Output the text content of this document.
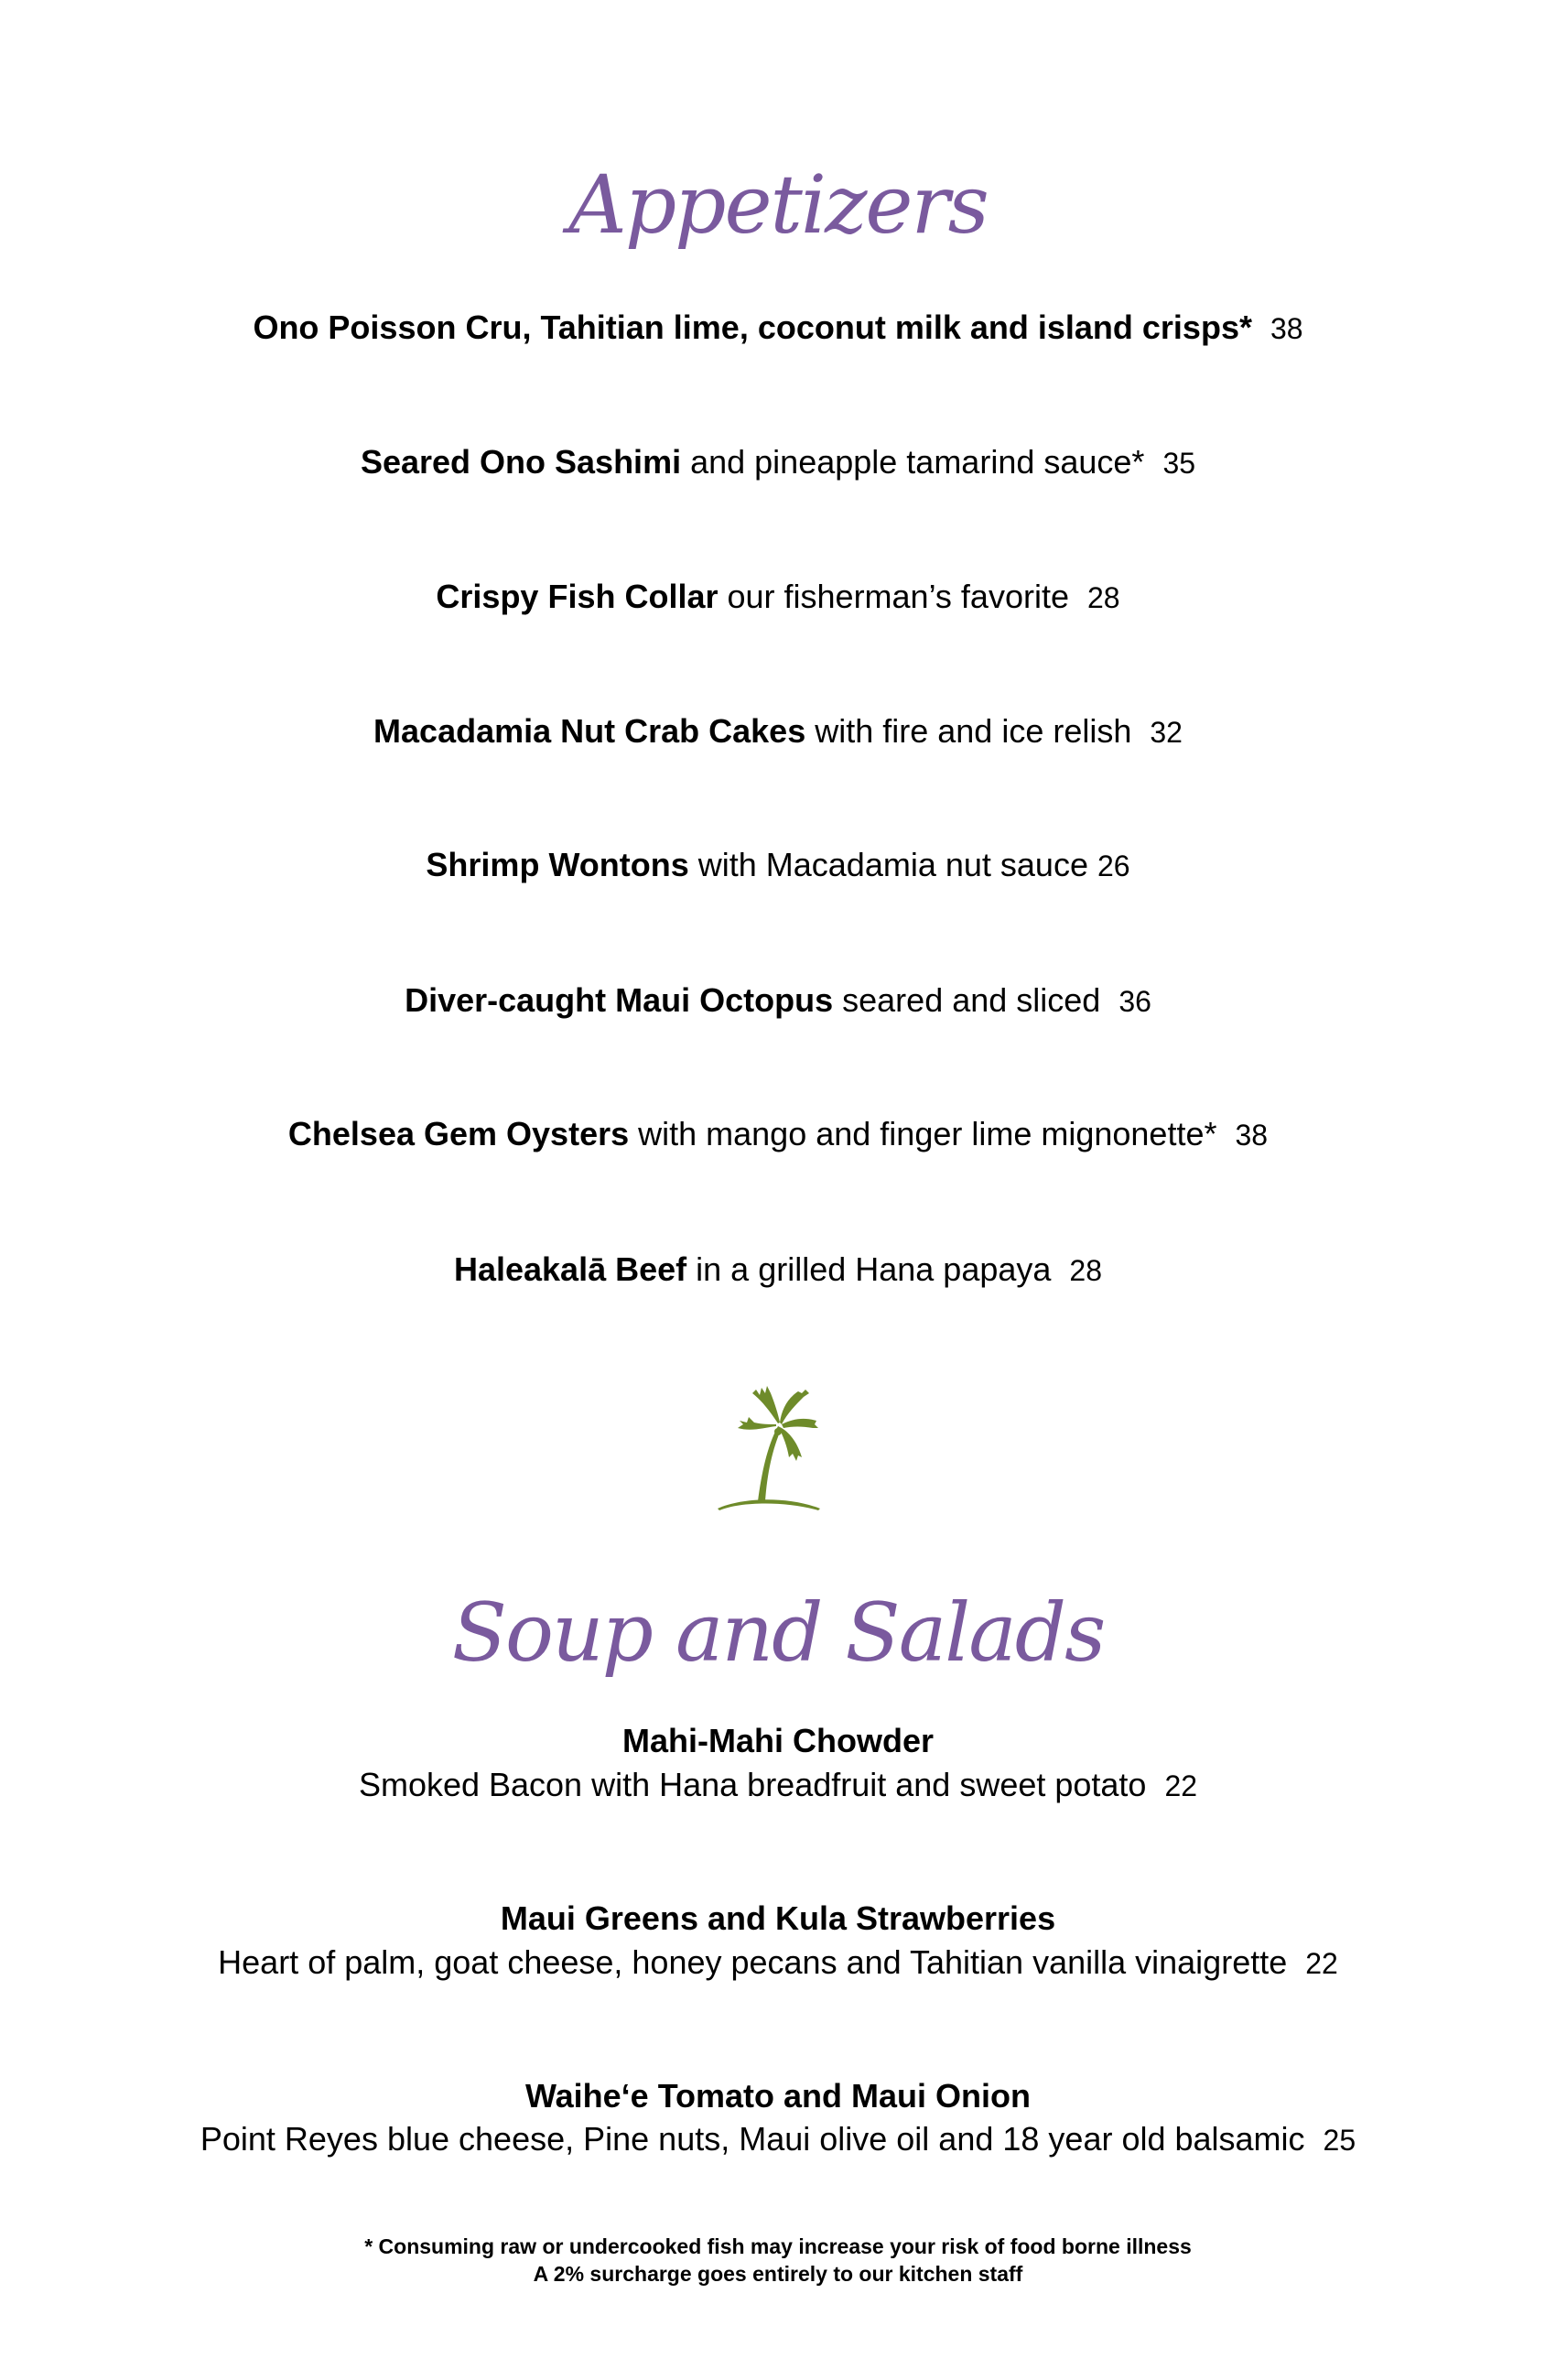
Appetizers
Ono Poisson Cru, Tahitian lime, coconut milk and island crisps* 38
Seared Ono Sashimi and pineapple tamarind sauce* 35
Crispy Fish Collar our fisherman’s favorite 28
Macadamia Nut Crab Cakes with fire and ice relish 32
Shrimp Wontons with Macadamia nut sauce 26
Diver-caught Maui Octopus seared and sliced 36
Chelsea Gem Oysters with mango and finger lime mignonette* 38
Haleakalā Beef in a grilled Hana papaya 28
Soup and Salads
Mahi-Mahi Chowder
Smoked Bacon with Hana breadfruit and sweet potato 22
Maui Greens and Kula Strawberries
Heart of palm, goat cheese, honey pecans and Tahitian vanilla vinaigrette 22
Waihe‘e Tomato and Maui Onion
Point Reyes blue cheese, Pine nuts, Maui olive oil and 18 year old balsamic 25
* Consuming raw or undercooked fish may increase your risk of food borne illness
A 2% surcharge goes entirely to our kitchen staff
